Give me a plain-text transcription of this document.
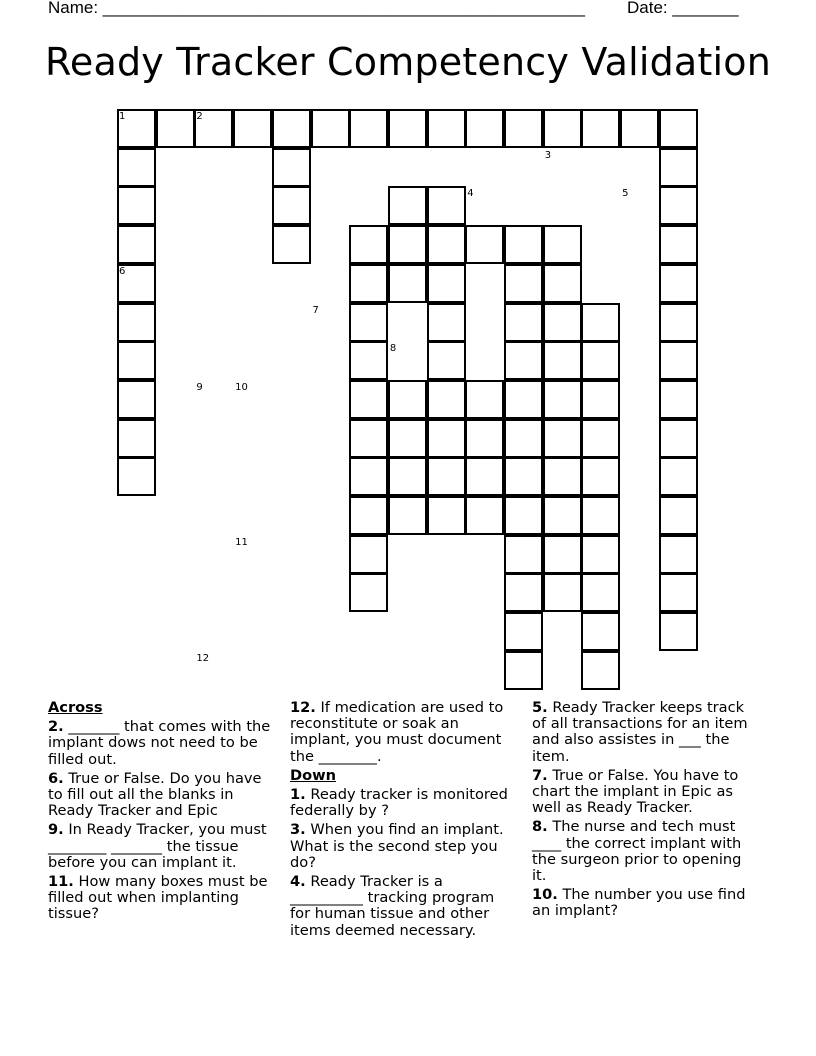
Name: ___________________________________________________ Date: _______
Ready Tracker Competency Validation
1	2
3
4	5
6
7
8
9	10
11
12
Across
2. _______ that comes with the implant dows not need to be filled out.
6. True or False. Do you have to fill out all the blanks in Ready Tracker and Epic
9. In Ready Tracker, you must ________ _______ the tissue before you can implant it.
11. How many boxes must be filled out when implanting tissue?
12. If medication are used to reconstitute or soak an implant, you must document the ________.
Down
1. Ready tracker is monitored federally by ?
3. When you find an implant. What is the second step you do?
4. Ready Tracker is a __________ tracking program for human tissue and other items deemed necessary.
5. Ready Tracker keeps track of all transactions for an item and also assistes in ___ the item.
7. True or False. You have to chart the implant in Epic as well as Ready Tracker.
8. The nurse and tech must ____ the correct implant with the surgeon prior to opening it.
10. The number you use find an implant?
